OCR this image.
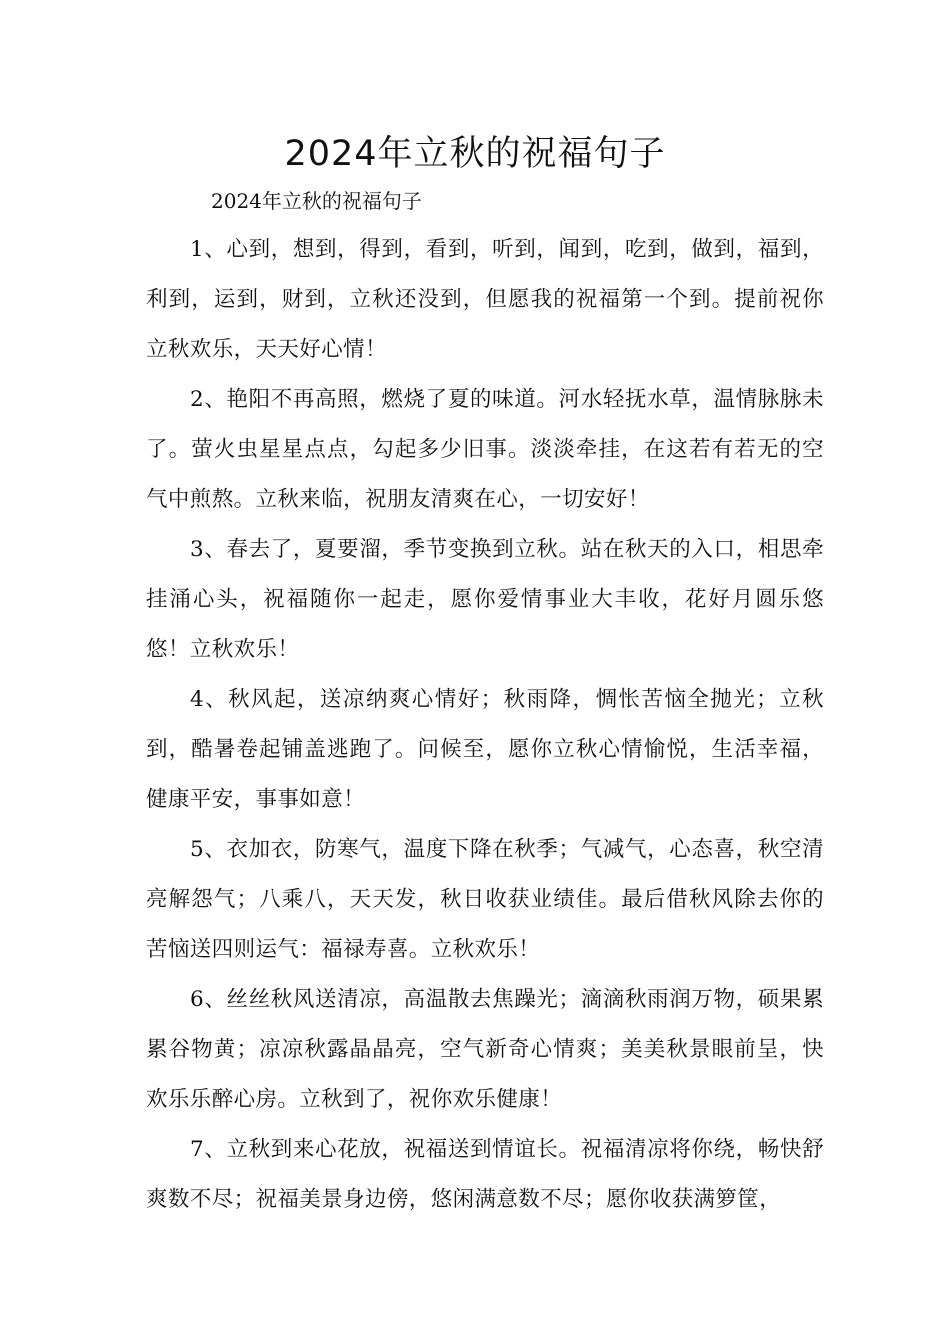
2024年立秋的祝福句子
2024年立秋的祝福句子

1、心到，想到，得到，看到，听到，闻到，吃到，做到，福到，利到，运到，财到，立秋还没到，但愿我的祝福第一个到。提前祝你立秋欢乐，天天好心情！

2、艳阳不再高照，燃烧了夏的味道。河水轻抚水草，温情脉脉未了。萤火虫星星点点，勾起多少旧事。淡淡牵挂，在这若有若无的空气中煎熬。立秋来临，祝朋友清爽在心，一切安好！

3、春去了，夏要溜，季节变换到立秋。站在秋天的入口，相思牵挂涌心头，祝福随你一起走，愿你爱情事业大丰收，花好月圆乐悠悠！立秋欢乐！

4、秋风起，送凉纳爽心情好；秋雨降，惆怅苦恼全抛光；立秋到，酷暑卷起铺盖逃跑了。问候至，愿你立秋心情愉悦，生活幸福，健康平安，事事如意！

5、衣加衣，防寒气，温度下降在秋季；气减气，心态喜，秋空清亮解怨气；八乘八，天天发，秋日收获业绩佳。最后借秋风除去你的苦恼送四则运气：福禄寿喜。立秋欢乐！

6、丝丝秋风送清凉，高温散去焦躁光；滴滴秋雨润万物，硕果累累谷物黄；凉凉秋露晶晶亮，空气新奇心情爽；美美秋景眼前呈，快欢乐乐醉心房。立秋到了，祝你欢乐健康！

7、立秋到来心花放，祝福送到情谊长。祝福清凉将你绕，畅快舒爽数不尽；祝福美景身边傍，悠闲满意数不尽；愿你收获满箩筐，
